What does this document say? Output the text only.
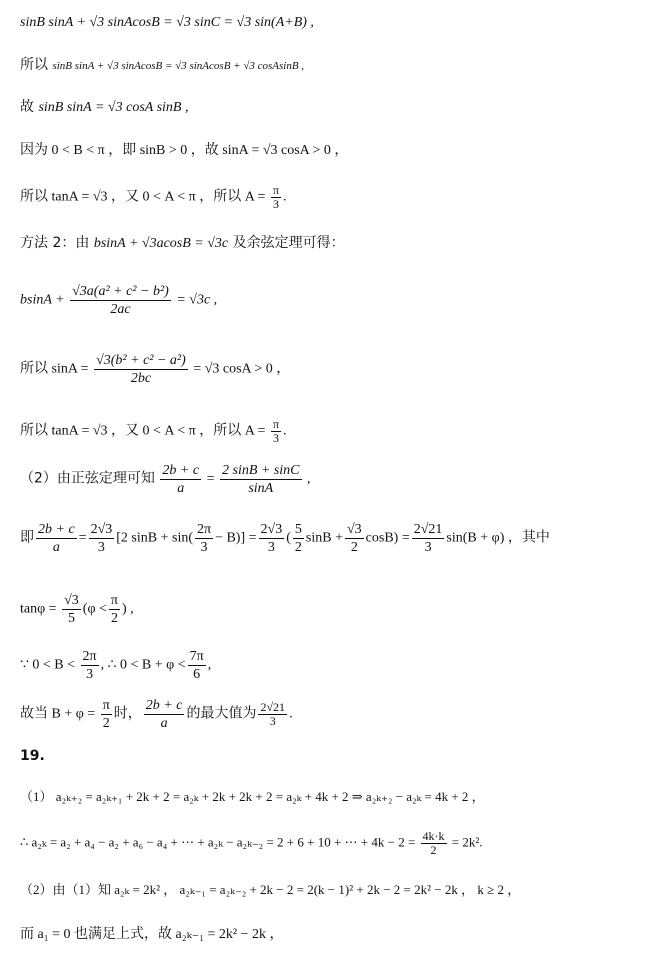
sinB sinA + √3 sinAcosB = √3 sinC = √3 sin(A+B) ,
所以 sinB sinA + √3 sinAcosB = √3 sinAcosB + √3 cosAsinB ,
故 sinB sinA = √3 cosA sinB ,
因为 0 < B < π ，即 sinB > 0 ，故 sinA = √3 cosA > 0 ，
所以 tanA = √3 ，又 0 < A < π ，所以 $A = \frac{\pi}{3}$ .
方法 2：由 bsinA + √3acosB = √3c 及余弦定理可得：
$bsinA + \frac{\text{√3a(a² + c² − b²)}}{2ac} = √3c$ ,
所以 $\sin A = \frac{\text{√3(b² + c² − a²)}}{2bc} = √3$ cosA > 0 ，
所以 tanA = √3 ，又 0 < A < π ，所以 $A = \frac{\pi}{3}$ .
（2）由正弦定理可知 $\frac{2b + c}{a} = \frac{2 \sin B + \sin C}{\sin A}$ ,
即 $\frac{2b + c}{a} = \frac{2√3}{3} [2$ $\sin B + \sin( \frac{2\pi}{3} - B)] = \frac{2√3}{3}$ ( $\frac{5}{2}$ $\sin B + \frac{√3}{2} \cos B) = \frac{2√21}{3} \sin(B + \varphi)$ ，其中
$\tan\varphi = \frac{√3}{5} (\varphi < \frac{\pi}{2}$ ) ,
∵ $0 < B < \frac{2\pi}{3}$ , ∴ $0 < B + \varphi < \frac{7\pi}{6}$ ,
故当 $B + \varphi = \frac{\pi}{2}$ 时， $\frac{2b + c}{a}$ 的最大值为 $\frac{2√21}{3}$ .
19.
（1） a₂ₖ₊₂ = a₂ₖ₊₁ + 2k + 2 = a₂ₖ + 2k + 2k + 2 = a₂ₖ + 4k + 2 ⇒ a₂ₖ₊₂ − a₂ₖ = 4k + 2 ，
∴ a₂ₖ = a₂ + a₄ − a₂ + a₆ − a₄ + ⋯ + a₂ₖ − a₂ₖ₋₂ = 2 + 6 + 10 + ⋯ + $4k - 2 = \frac{4k\cdot k}{2} = 2k^2$.
（2）由（1）知 a₂ₖ = 2k² ， a₂ₖ₋₁ = a₂ₖ₋₂ + 2k − 2 = 2(k − 1)² + 2k − 2 = 2k² − 2k ， k ≥ 2 ，
而 a₁ = 0 也满足上式，故 a₂ₖ₋₁ = 2k² − 2k ，
